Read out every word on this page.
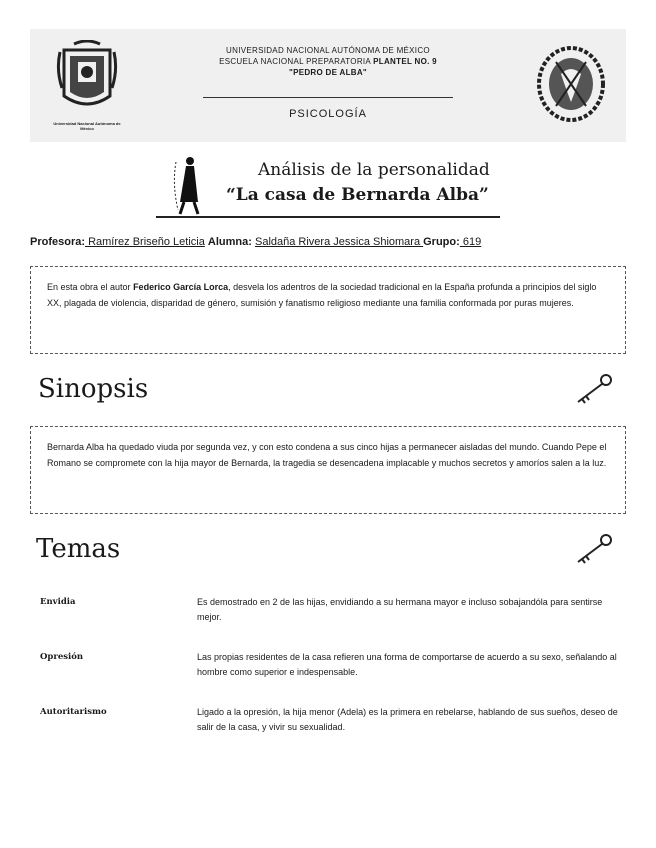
Universidad Nacional Autónoma de México
UNIVERSIDAD NACIONAL AUTÓNOMA DE MÉXICO
ESCUELA NACIONAL PREPARATORIA PLANTEL NO. 9
"PEDRO DE ALBA"
PSICOLOGÍA
Análisis de la personalidad
“La casa de Bernarda Alba”
Profesora: Ramírez Briseño Leticia Alumna: Saldaña Rivera Jessica Shiomara Grupo: 619
En esta obra el autor Federico García Lorca, desvela los adentros de la sociedad tradicional en la España profunda a principios del siglo XX, plagada de violencia, disparidad de género, sumisión y fanatismo religioso mediante una familia conformada por puras mujeres.
Sinopsis
Bernarda Alba ha quedado viuda por segunda vez, y con esto condena a sus cinco hijas a permanecer aisladas del mundo. Cuando Pepe el Romano se compromete con la hija mayor de Bernarda, la tragedia se desencadena implacable y muchos secretos y amoríos salen a la luz.
Temas
Envidia	Es demostrado en 2 de las hijas, envidiando a su hermana mayor e incluso sobajandóla para sentirse mejor.
Opresión	Las propias residentes de la casa refieren una forma de comportarse de acuerdo a su sexo, señalando al hombre como superior e indespensable.
Autoritarismo	Ligado a la opresión, la hija menor (Adela) es la primera en rebelarse, hablando de sus sueños, deseo de salir de la casa, y vivir su sexualidad.
